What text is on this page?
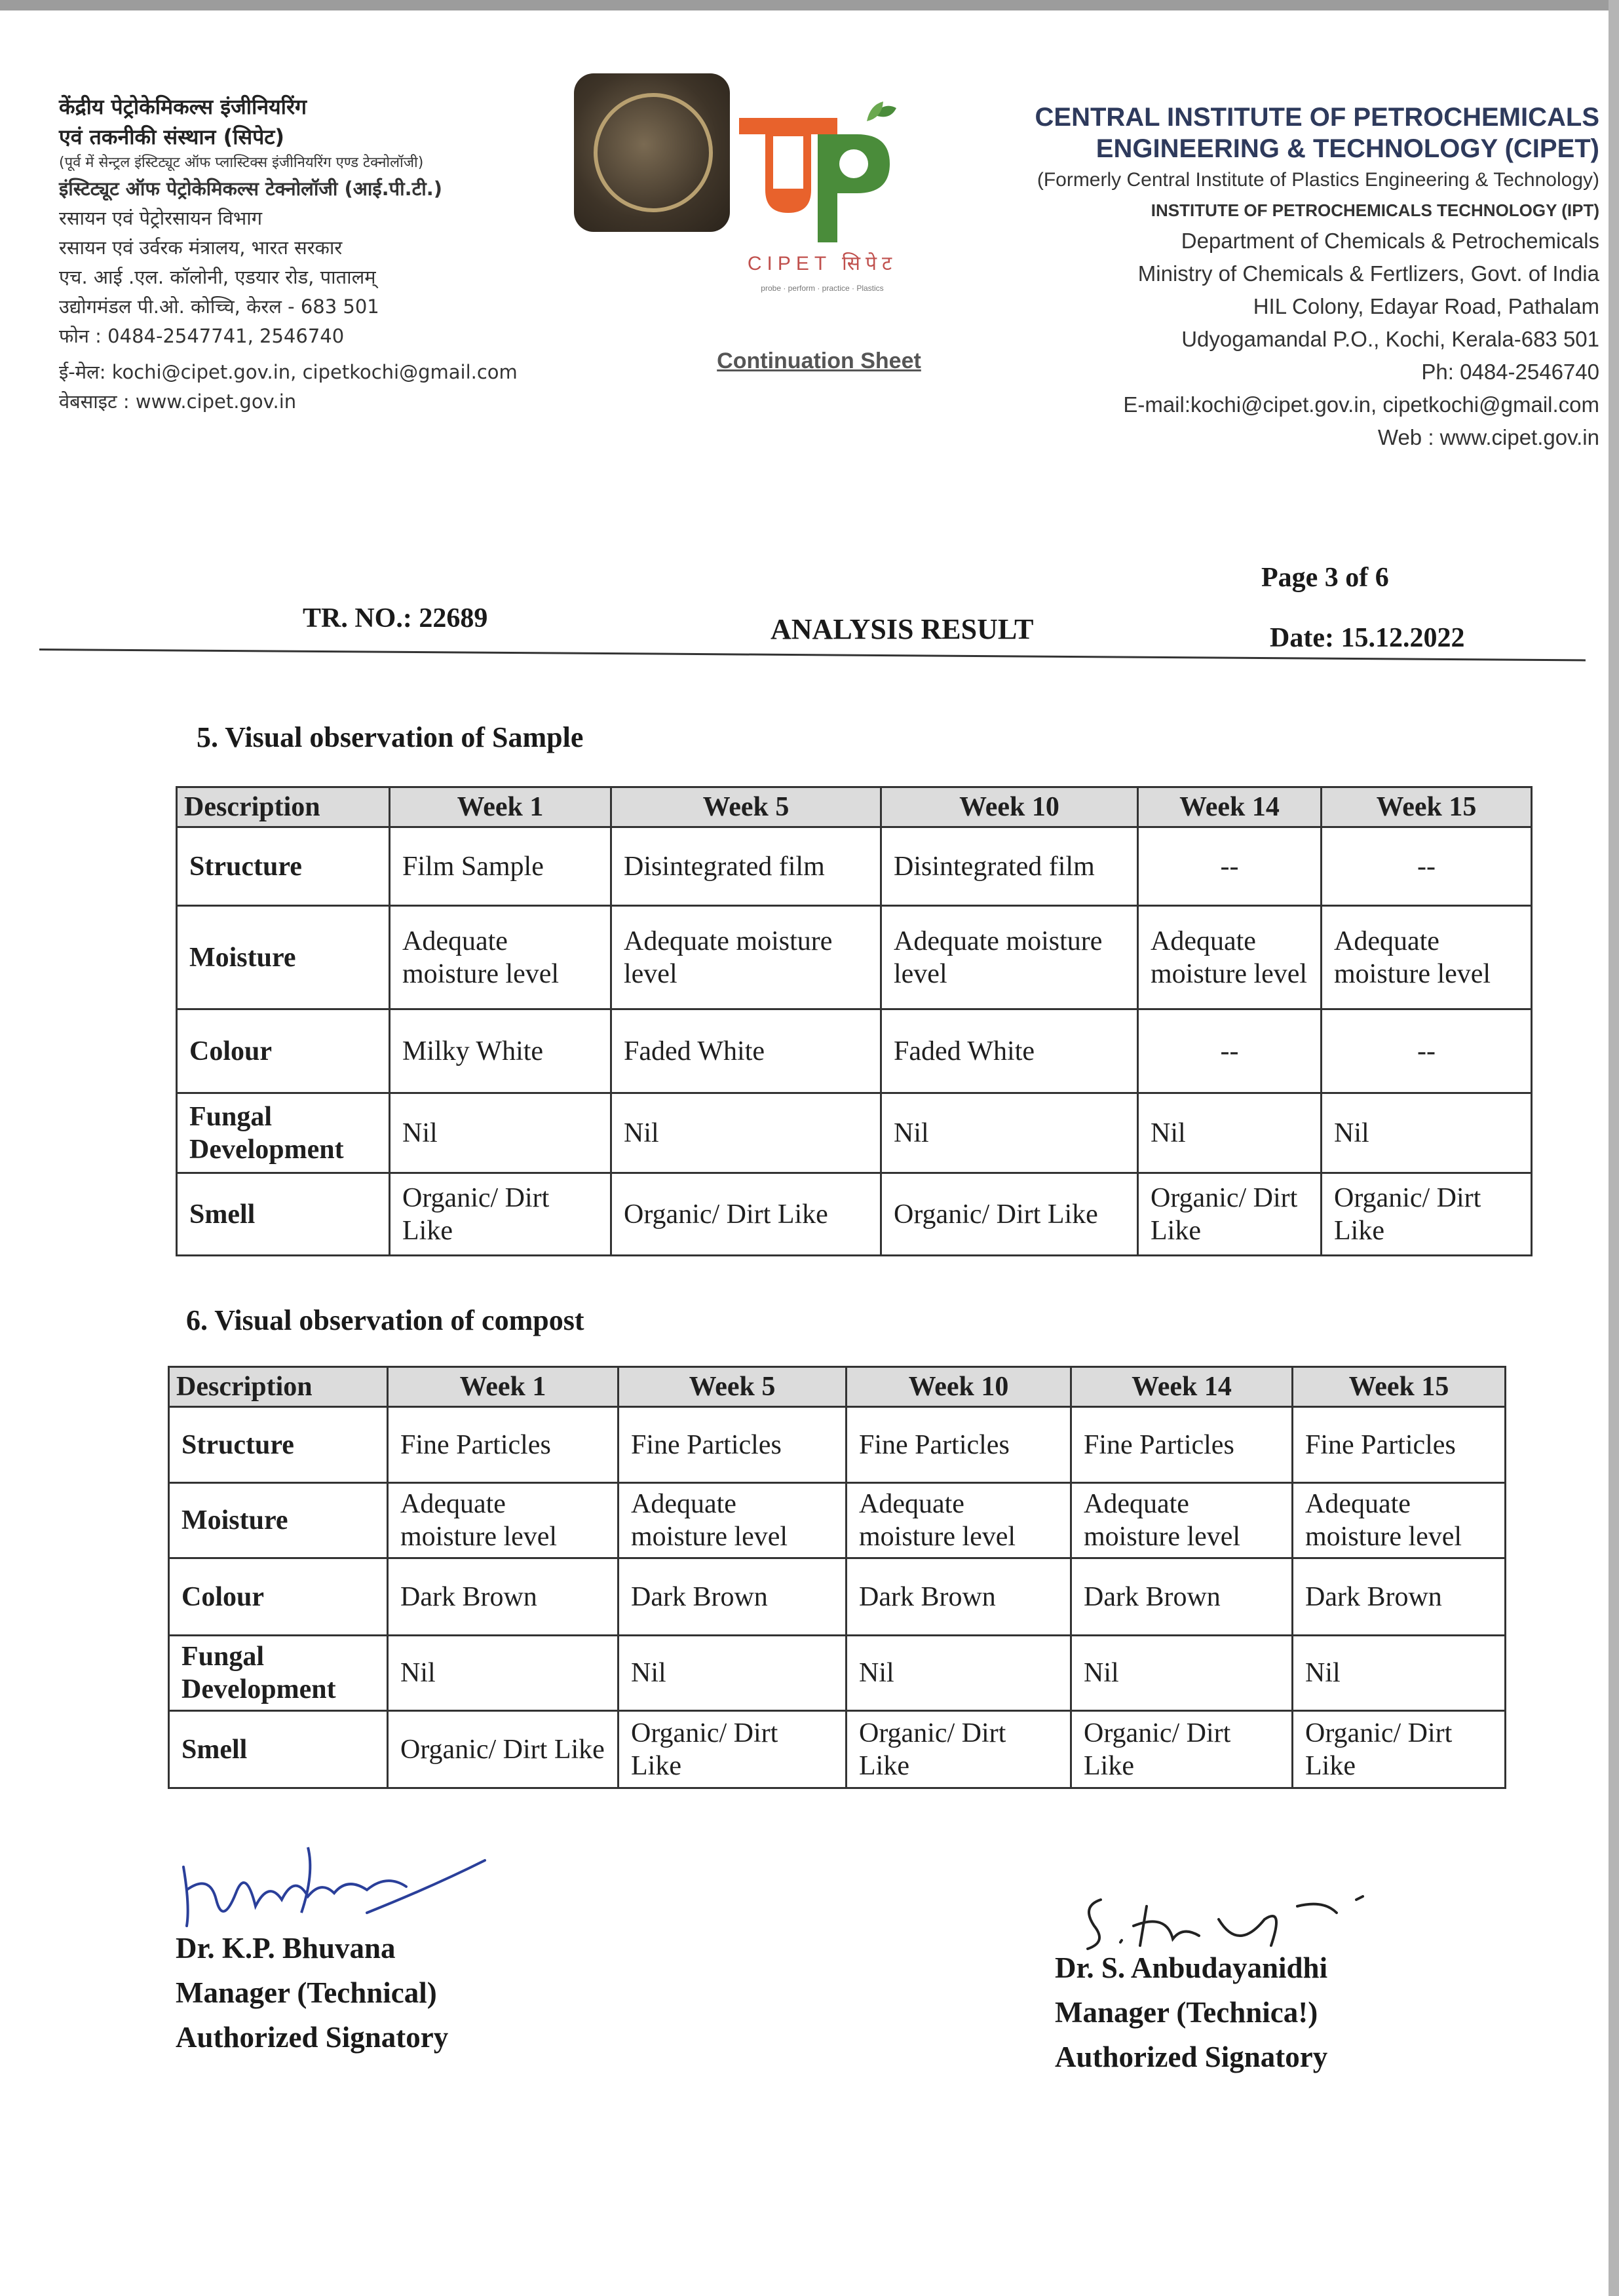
केंद्रीय पेट्रोकेमिकल्स इंजीनियरिंग
एवं तकनीकी संस्थान (सिपेट)
(पूर्व में सेन्ट्रल इंस्टिट्यूट ऑफ प्लास्टिक्स इंजीनियरिंग एण्ड टेक्नोलॉजी)
इंस्टिट्यूट ऑफ पेट्रोकेमिकल्स टेक्नोलॉजी (आई.पी.टी.)
रसायन एवं पेट्रोरसायन विभाग
रसायन एवं उर्वरक मंत्रालय, भारत सरकार
एच. आई .एल. कॉलोनी, एडयार रोड, पातालम्
उद्योगमंडल पी.ओ. कोच्चि, केरल - 683 501
फोन : 0484-2547741, 2546740
ई-मेल: kochi@cipet.gov.in, cipetkochi@gmail.com
वेबसाइट : www.cipet.gov.in
CIPET सिपेट
probe · perform · practice · Plastics
Continuation Sheet
CENTRAL INSTITUTE OF PETROCHEMICALS
ENGINEERING & TECHNOLOGY (CIPET)
(Formerly Central Institute of Plastics Engineering & Technology)
INSTITUTE OF PETROCHEMICALS TECHNOLOGY (IPT)
Department of Chemicals & Petrochemicals
Ministry of Chemicals & Fertlizers, Govt. of India
HIL Colony, Edayar Road, Pathalam
Udyogamandal P.O., Kochi, Kerala-683 501
Ph: 0484-2546740
E-mail:kochi@cipet.gov.in, cipetkochi@gmail.com
Web : www.cipet.gov.in
Page 3 of 6
TR. NO.: 22689	ANALYSIS RESULT	Date: 15.12.2022
5. Visual observation of Sample
Description	Week 1	Week 5	Week 10	Week 14	Week 15
Structure	Film Sample	Disintegrated film	Disintegrated film	--	--
Moisture	Adequate moisture level	Adequate moisture level	Adequate moisture level	Adequate moisture level	Adequate moisture level
Colour	Milky White	Faded White	Faded White	--	--
Fungal Development	Nil	Nil	Nil	Nil	Nil
Smell	Organic/ Dirt Like	Organic/ Dirt Like	Organic/ Dirt Like	Organic/ Dirt Like	Organic/ Dirt Like
6. Visual observation of compost
Description	Week 1	Week 5	Week 10	Week 14	Week 15
Structure	Fine Particles	Fine Particles	Fine Particles	Fine Particles	Fine Particles
Moisture	Adequate moisture level	Adequate moisture level	Adequate moisture level	Adequate moisture level	Adequate moisture level
Colour	Dark Brown	Dark Brown	Dark Brown	Dark Brown	Dark Brown
Fungal Development	Nil	Nil	Nil	Nil	Nil
Smell	Organic/ Dirt Like	Organic/ Dirt Like	Organic/ Dirt Like	Organic/ Dirt Like	Organic/ Dirt Like
Dr. K.P. Bhuvana
Manager (Technical)
Authorized Signatory
Dr. S. Anbudayanidhi
Manager (Technica!)
Authorized Signatory
